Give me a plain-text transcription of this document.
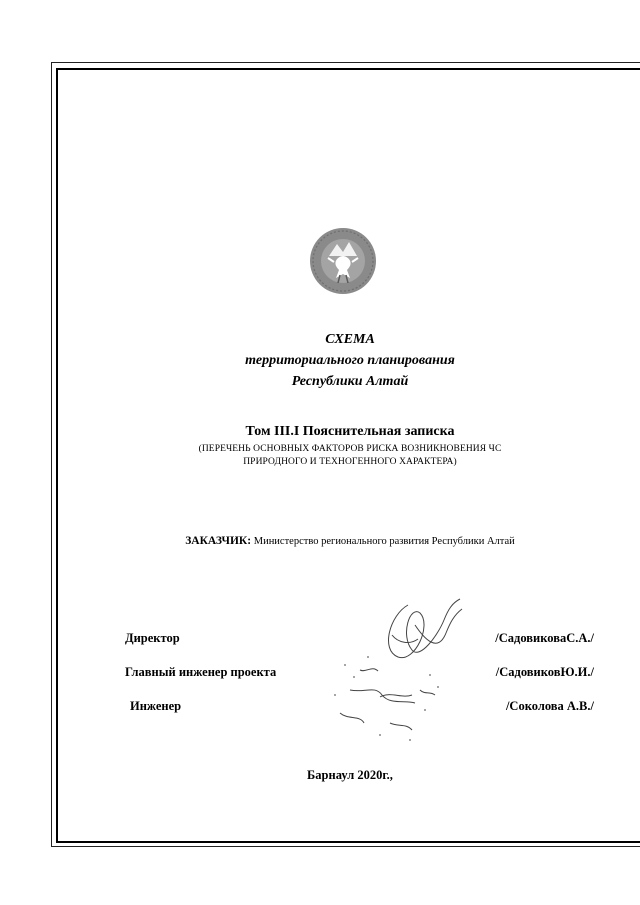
СХЕМА
территориального планирования
Республики Алтай
Том III.I Пояснительная записка
(ПЕРЕЧЕНЬ ОСНОВНЫХ ФАКТОРОВ РИСКА ВОЗНИКНОВЕНИЯ ЧС
ПРИРОДНОГО И ТЕХНОГЕННОГО ХАРАКТЕРА)
ЗАКАЗЧИК: Министерство регионального развития Республики Алтай
Директор	/СадовиковаС.А./
Главный инженер проекта	/СадовиковЮ.И./
Инженер	/Соколова А.В./
Барнаул 2020г.,
